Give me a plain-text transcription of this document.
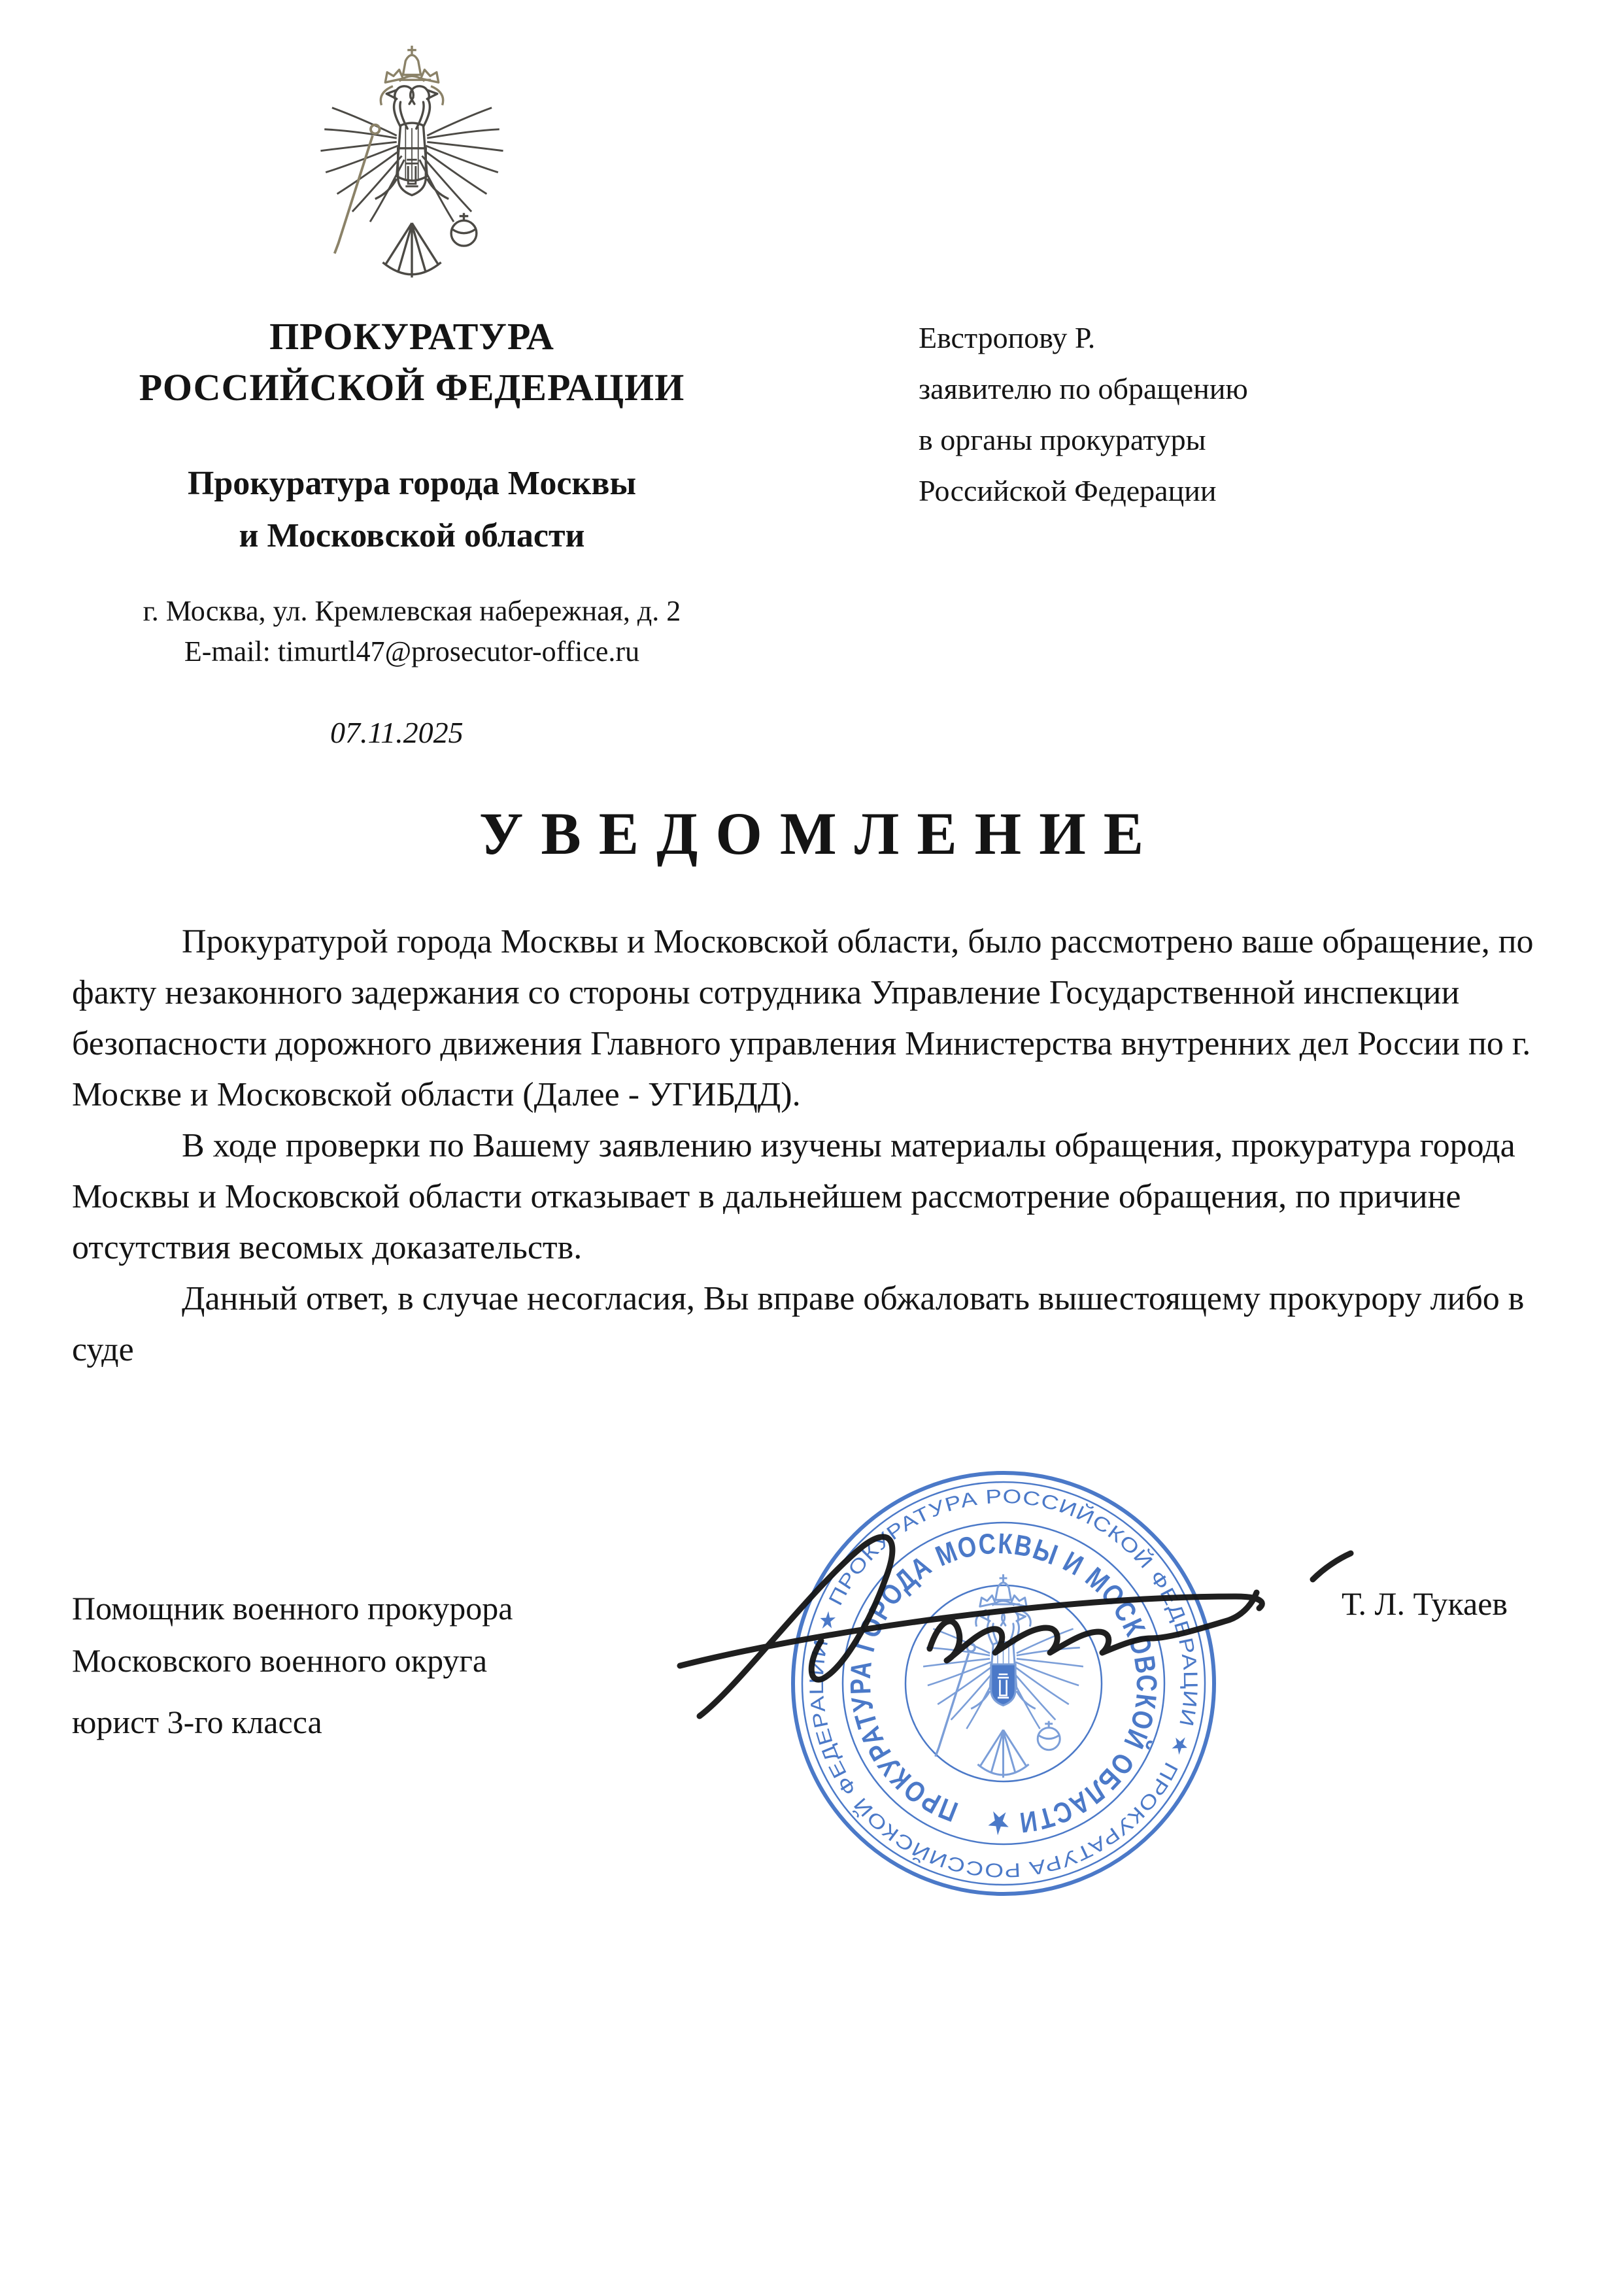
ПРОКУРАТУРА
РОССИЙСКОЙ ФЕДЕРАЦИИ
Прокуратура города Москвы
и Московской области
г. Москва, ул. Кремлевская набережная, д. 2
E-mail: timurtl47@prosecutor-office.ru
07.11.2025
Евстропову Р.
заявителю по обращению
в органы прокуратуры
Российской Федерации
У В Е Д О М Л Е Н И Е

Прокуратурой города Москвы и Московской области, было рассмотрено ваше обращение, по факту незаконного задержания со стороны сотрудника Управление Государственной инспекции безопасности дорожного движения Главного управления Министерства внутренних дел России по г. Москве и Московской области (Далее - УГИБДД).

В ходе проверки по Вашему заявлению изучены материалы обращения, прокуратура города Москвы и Московской области отказывает в дальнейшем рассмотрение обращения, по причине отсутствия весомых доказательств.

Данный ответ, в случае несогласия, Вы вправе обжаловать вышестоящему прокурору либо в суде

Помощник военного прокурора
Московского военного округа
юрист 3-го класса
Т. Л. Тукаев
ПРОКУРАТУРА РОССИЙСКОЙ ФЕДЕРАЦИИ ★ ПРОКУРАТУРА РОССИЙСКОЙ ФЕДЕРАЦИИ ★
ПРОКУРАТУРА ГОРОДА МОСКВЫ И МОСКОВСКОЙ ОБЛАСТИ ★
